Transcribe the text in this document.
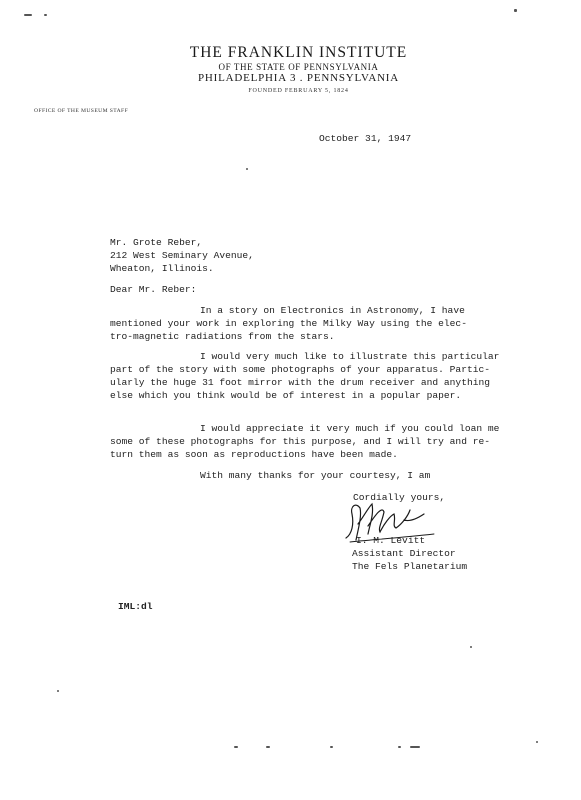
THE FRANKLIN INSTITUTE
OF THE STATE OF PENNSYLVANIA
PHILADELPHIA 3 . PENNSYLVANIA
FOUNDED FEBRUARY 5, 1824
OFFICE OF THE MUSEUM STAFF
October 31, 1947
Mr. Grote Reber,
212 West Seminary Avenue,
Wheaton, Illinois.
Dear Mr. Reber:
In a story on Electronics in Astronomy, I have
mentioned your work in exploring the Milky Way using the elec-
tro-magnetic radiations from the stars.
I would very much like to illustrate this particular
part of the story with some photographs of your apparatus. Partic-
ularly the huge 31 foot mirror with the drum receiver and anything
else which you think would be of interest in a popular paper.
I would appreciate it very much if you could loan me
some of these photographs for this purpose, and I will try and re-
turn them as soon as reproductions have been made.
With many thanks for your courtesy, I am
Cordially yours,
I. M. Levitt
Assistant Director
The Fels Planetarium
IML:dl
